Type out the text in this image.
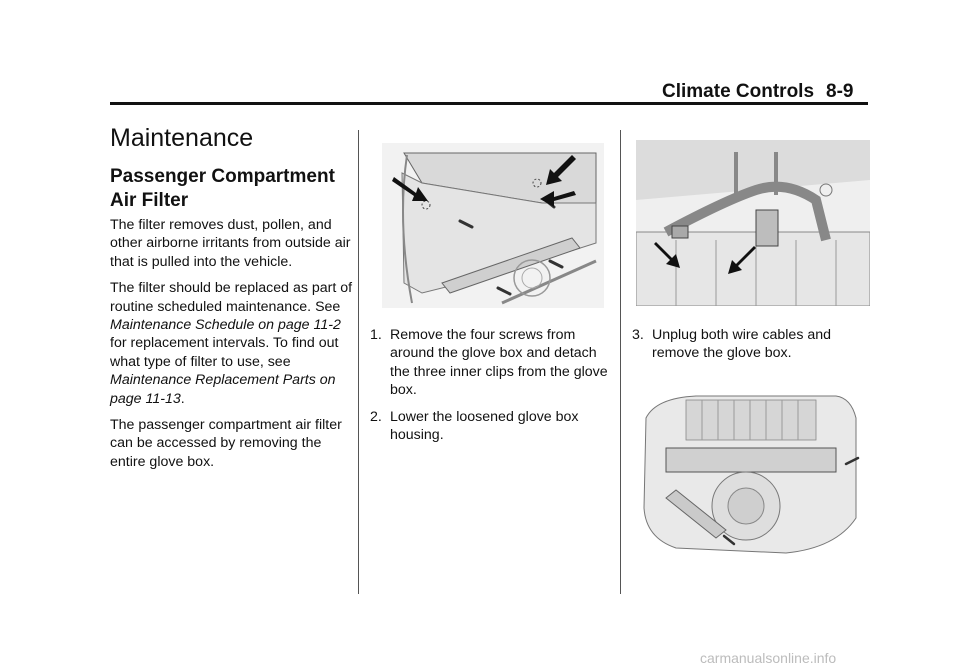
Climate Controls 8-9
Maintenance
Passenger Compartment Air Filter

The filter removes dust, pollen, and other airborne irritants from outside air that is pulled into the vehicle.

The filter should be replaced as part of routine scheduled maintenance. See Maintenance Schedule on page 11-2 for replacement intervals. To find out what type of filter to use, see Maintenance Replacement Parts on page 11-13.

The passenger compartment air filter can be accessed by removing the entire glove box.

1. Remove the four screws from around the glove box and detach the three inner clips from the glove box.
2. Lower the loosened glove box housing.
3. Unplug both wire cables and remove the glove box.
carmanualsonline.info
